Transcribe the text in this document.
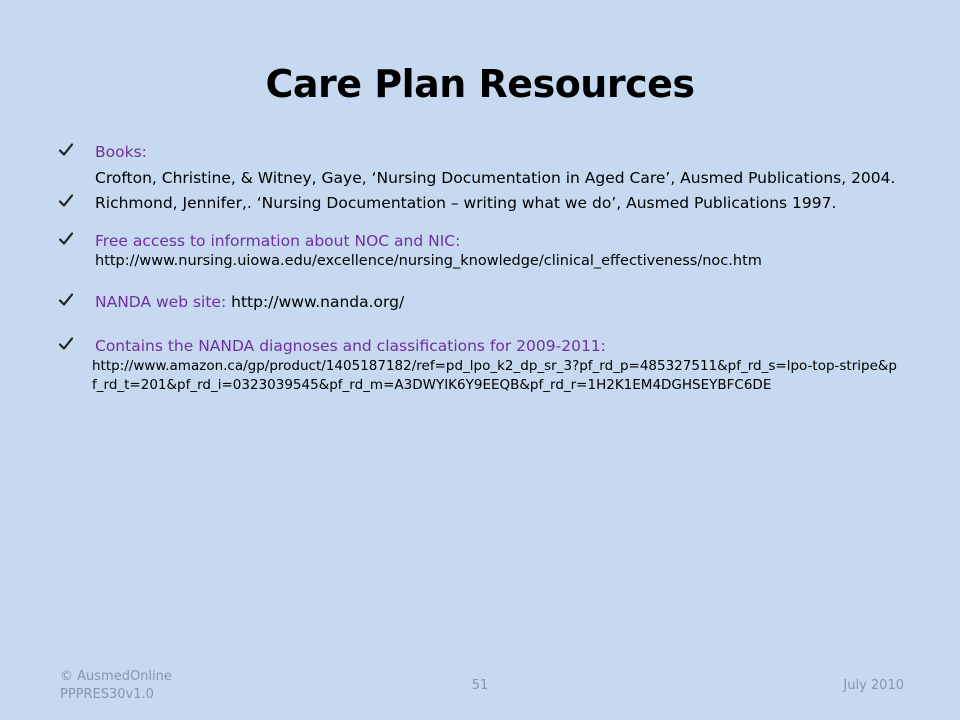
Care Plan Resources
Books:
Crofton, Christine, & Witney, Gaye, ‘Nursing Documentation in Aged Care’, Ausmed Publications, 2004.
Richmond, Jennifer,. ‘Nursing Documentation – writing what we do’, Ausmed Publications 1997.
Free access to information about NOC and NIC:
http://www.nursing.uiowa.edu/excellence/nursing_knowledge/clinical_effectiveness/noc.htm
NANDA web site: http://www.nanda.org/
Contains the NANDA diagnoses and classifications for 2009-2011:
http://www.amazon.ca/gp/product/1405187182/ref=pd_lpo_k2_dp_sr_3?pf_rd_p=485327511&pf_rd_s=lpo-top-stripe&pf_rd_t=201&pf_rd_i=0323039545&pf_rd_m=A3DWYIK6Y9EEQB&pf_rd_r=1H2K1EM4DGHSEYBFC6DE
© AusmedOnline
PPPRES30v1.0
51	July 2010
